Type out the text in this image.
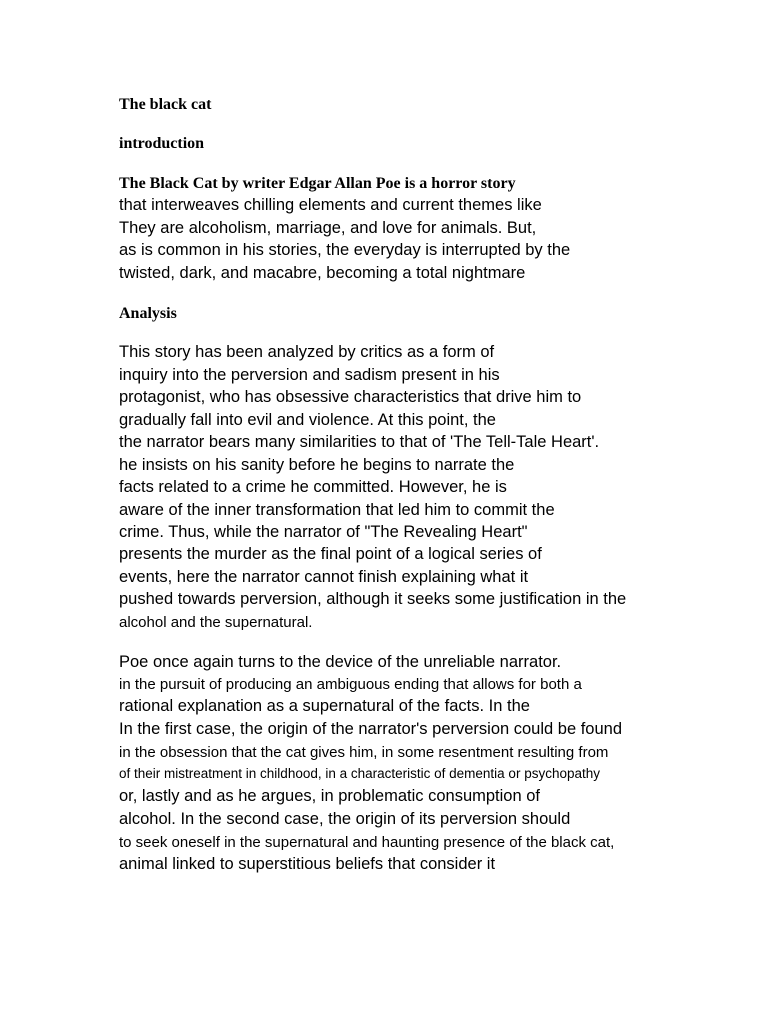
The black cat
introduction
The Black Cat by writer Edgar Allan Poe is a horror story
that interweaves chilling elements and current themes like
They are alcoholism, marriage, and love for animals. But,
as is common in his stories, the everyday is interrupted by the
twisted, dark, and macabre, becoming a total nightmare
Analysis
This story has been analyzed by critics as a form of
inquiry into the perversion and sadism present in his
protagonist, who has obsessive characteristics that drive him to
gradually fall into evil and violence. At this point, the
the narrator bears many similarities to that of 'The Tell-Tale Heart'.
he insists on his sanity before he begins to narrate the
facts related to a crime he committed. However, he is
aware of the inner transformation that led him to commit the
crime. Thus, while the narrator of "The Revealing Heart"
presents the murder as the final point of a logical series of
events, here the narrator cannot finish explaining what it
pushed towards perversion, although it seeks some justification in the
alcohol and the supernatural.
Poe once again turns to the device of the unreliable narrator.
in the pursuit of producing an ambiguous ending that allows for both a
rational explanation as a supernatural of the facts. In the
In the first case, the origin of the narrator's perversion could be found
in the obsession that the cat gives him, in some resentment resulting from
of their mistreatment in childhood, in a characteristic of dementia or psychopathy
or, lastly and as he argues, in problematic consumption of
alcohol. In the second case, the origin of its perversion should
to seek oneself in the supernatural and haunting presence of the black cat,
animal linked to superstitious beliefs that consider it
